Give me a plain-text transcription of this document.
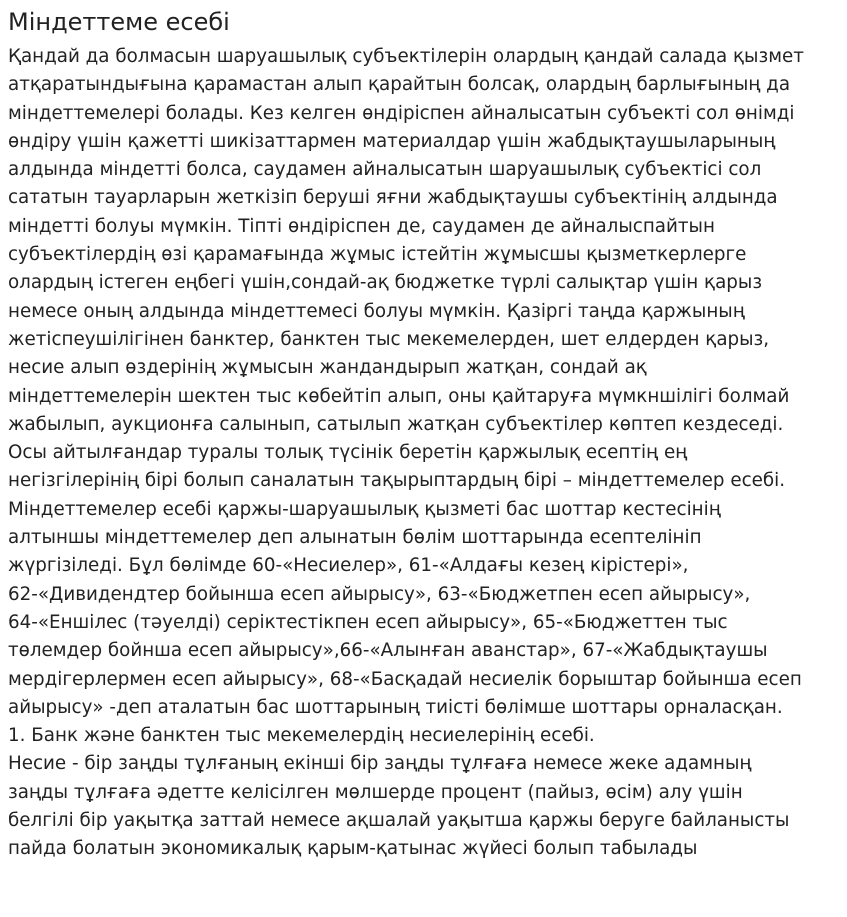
Міндеттеме есебі
Қандай да болмасын шаруашылық субъектілерін олардың қандай салада қызмет
атқаратындығына қарамастан алып қарайтын болсақ, олардың барлығының да
міндеттемелері болады. Кез келген өндіріспен айналысатын субъекті сол өнімді
өндіру үшін қажетті шикізаттармен материалдар үшін жабдықтаушыларының
алдында міндетті болса, саудамен айналысатын шаруашылық субъектісі сол
сататын тауарларын жеткізіп беруші яғни жабдықтаушы субъектінің алдында
міндетті болуы мүмкін. Тіпті өндіріспен де, саудамен де айналыспайтын
субъектілердің өзі қарамағында жұмыс істейтін жұмысшы қызметкерлерге
олардың істеген еңбегі үшін,сондай-ақ бюджетке түрлі салықтар үшін қарыз
немесе оның алдында міндеттемесі болуы мүмкін. Қазіргі таңда қаржының
жетіспеушілігінен банктер, банктен тыс мекемелерден, шет елдерден қарыз,
несие алып өздерінің жұмысын жандандырып жатқан, сондай ақ
міндеттемелерін шектен тыс көбейтіп алып, оны қайтаруға мүмкншілігі болмай
жабылып, аукционға салынып, сатылып жатқан субъектілер көптеп кездеседі.
Осы айтылғандар туралы толық түсінік беретін қаржылық есептің ең
негізгілерінің бірі болып саналатын тақырыптардың бірі – міндеттемелер есебі.
Міндеттемелер есебі қаржы-шаруашылық қызметі бас шоттар кестесінің
алтыншы міндеттемелер деп алынатын бөлім шоттарында есептелініп
жүргізіледі. Бұл бөлімде 60-«Несиелер», 61-«Алдағы кезең кірістері»,
62-«Дивидендтер бойынша есеп айырысу», 63-«Бюджетпен есеп айырысу»,
64-«Еншілес (тәуелді) серіктестікпен есеп айырысу», 65-«Бюджеттен тыс
төлемдер бойнша есеп айырысу»,66-«Алынған аванстар», 67-«Жабдықтаушы
мердігерлермен есеп айырысу», 68-«Басқадай несиелік борыштар бойынша есеп
айырысу» -деп аталатын бас шоттарының тиісті бөлімше шоттары орналасқан.
1. Банк және банктен тыс мекемелердің несиелерінің есебі.
Несие - бір заңды тұлғаның екінші бір заңды тұлғаға немесе жеке адамның
заңды тұлғаға әдетте келісілген мөлшерде процент (пайыз, өсім) алу үшін
белгілі бір уақытқа заттай немесе ақшалай уақытша қаржы беруге байланысты
пайда болатын экономикалық қарым-қатынас жүйесі болып табылады
